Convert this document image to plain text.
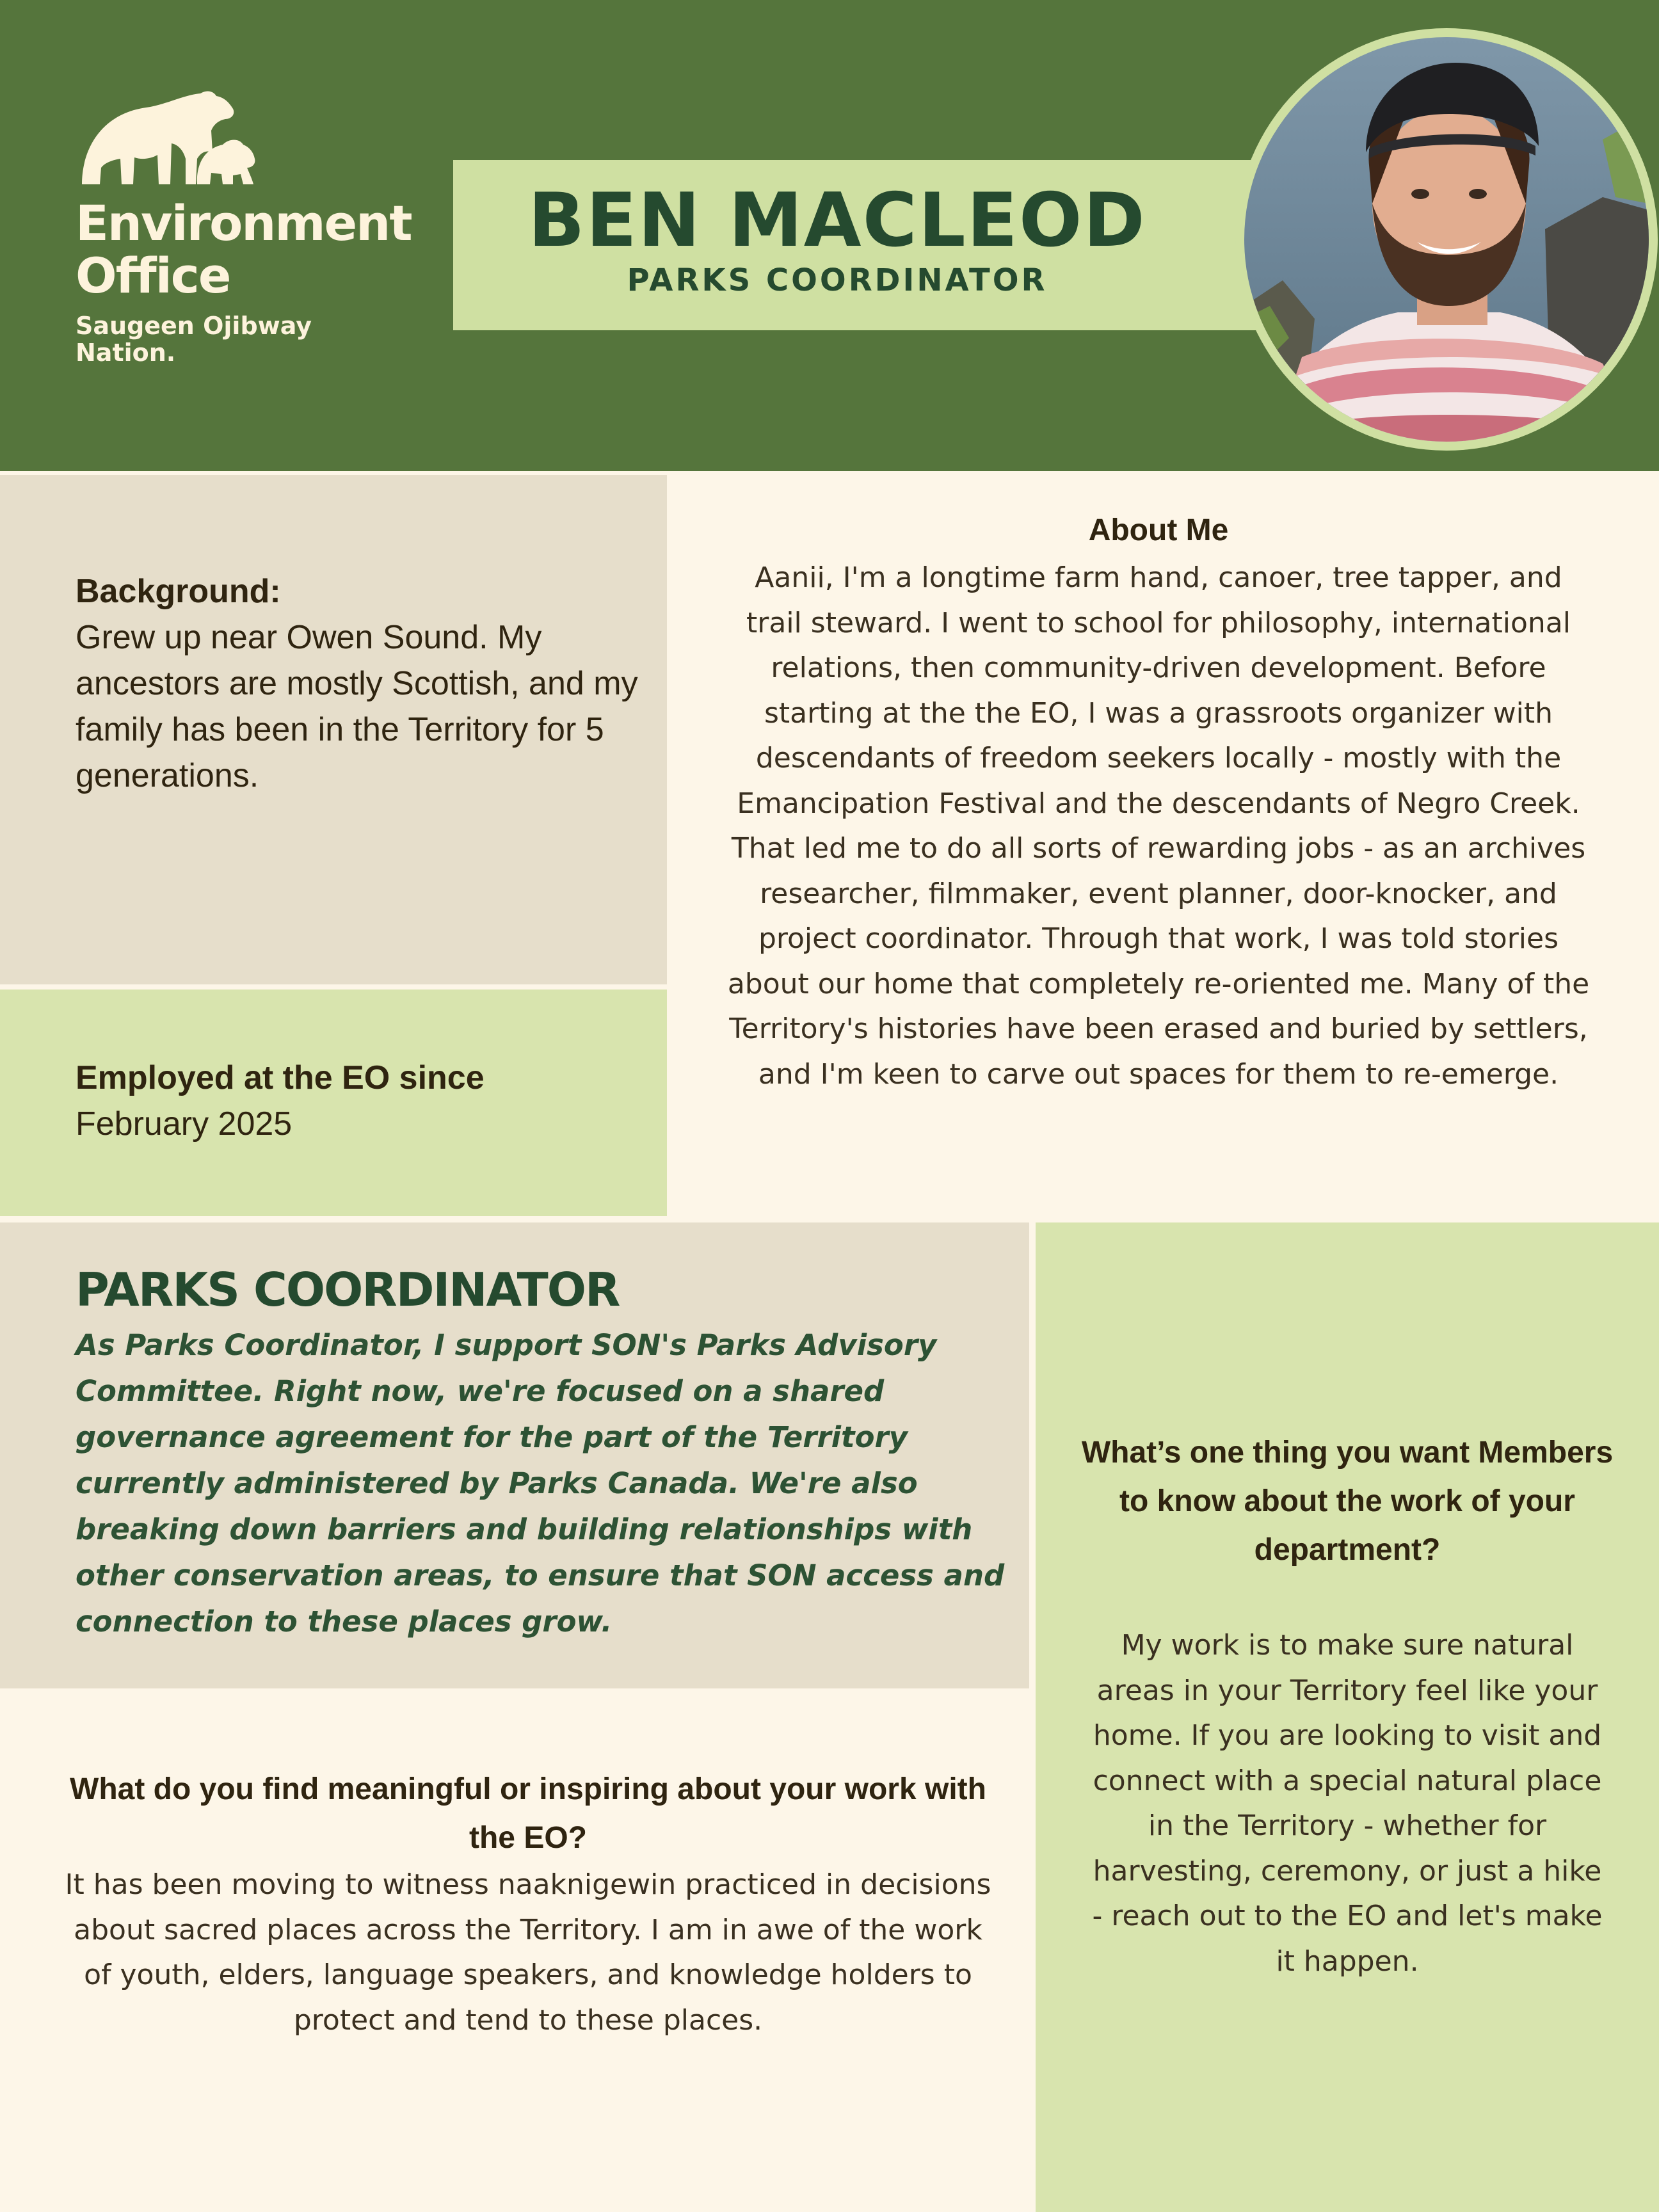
Environment
Office
Saugeen Ojibway
Nation.
BEN MACLEOD
PARKS COORDINATOR
Background:
Grew up near Owen Sound. My ancestors are mostly Scottish, and my family has been in the Territory for 5 generations.
Employed at the EO since
February 2025
About Me
Aanii, I'm a longtime farm hand, canoer, tree tapper, and trail steward. I went to school for philosophy, international relations, then community-driven development. Before starting at the the EO, I was a grassroots organizer with descendants of freedom seekers locally - mostly with the Emancipation Festival and the descendants of Negro Creek. That led me to do all sorts of rewarding jobs - as an archives researcher, filmmaker, event planner, door-knocker, and project coordinator. Through that work, I was told stories about our home that completely re-oriented me. Many of the Territory's histories have been erased and buried by settlers, and I'm keen to carve out spaces for them to re-emerge.
PARKS COORDINATOR
As Parks Coordinator, I support SON's Parks Advisory Committee. Right now, we're focused on a shared governance agreement for the part of the Territory currently administered by Parks Canada. We're also breaking down barriers and building relationships with other conservation areas, to ensure that SON access and connection to these places grow.
What’s one thing you want Members to know about the work of your department?
My work is to make sure natural areas in your Territory feel like your home. If you are looking to visit and connect with a special natural place in the Territory - whether for harvesting, ceremony, or just a hike - reach out to the EO and let's make it happen.
What do you find meaningful or inspiring about your work with the EO?
It has been moving to witness naaknigewin practiced in decisions about sacred places across the Territory. I am in awe of the work of youth, elders, language speakers, and knowledge holders to protect and tend to these places.
